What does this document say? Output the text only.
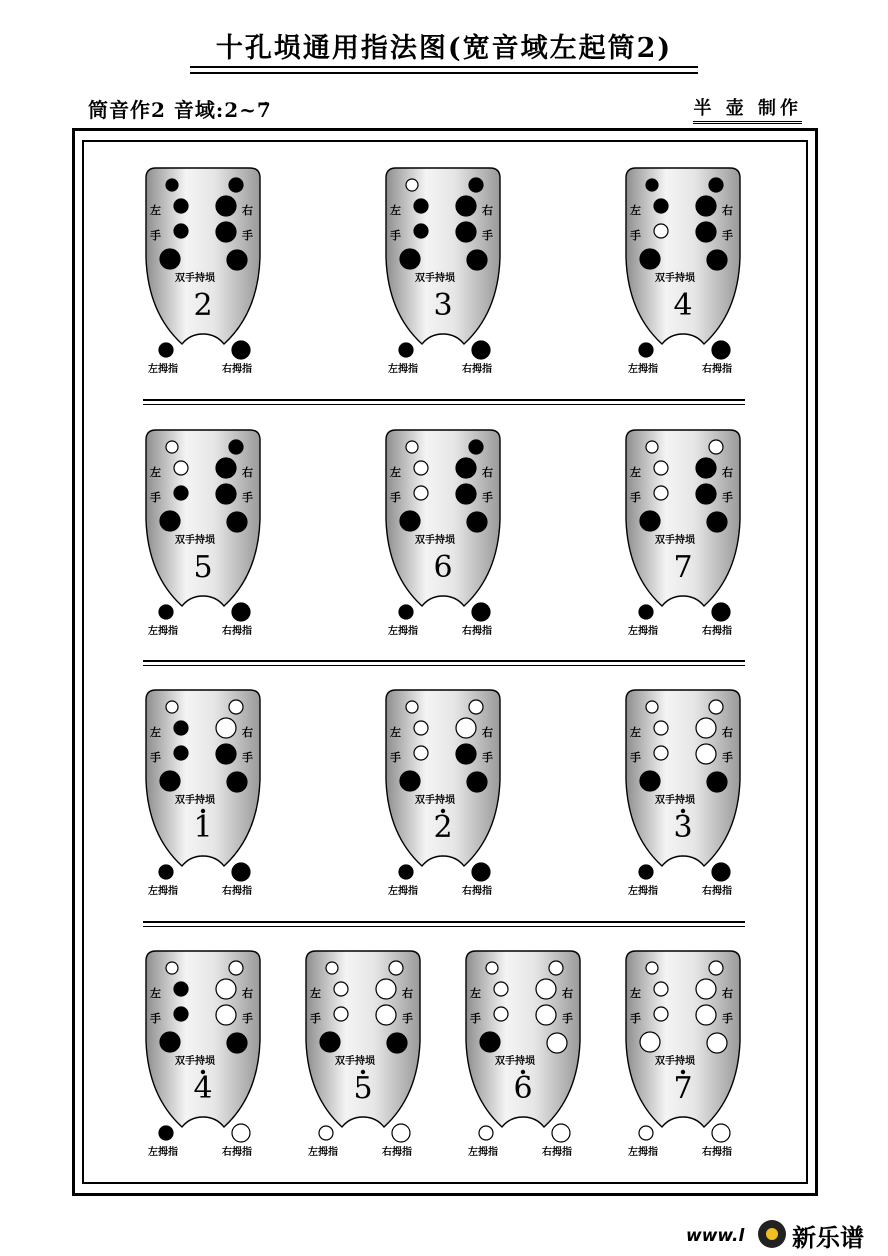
十孔埙通用指法图(宽音域左起筒2)
筒音作2 音域:2~7̇	半 壶 制作
左
手
右
手
双手持埙
2
左拇指	右拇指
左
手
右
手
双手持埙
3
左拇指	右拇指
左
手
右
手
双手持埙
4
左拇指	右拇指
左
手
右
手
双手持埙
5
左拇指	右拇指
左
手
右
手
双手持埙
6
左拇指	右拇指
左
手
右
手
双手持埙
7
左拇指	右拇指
左
手
右
手
双手持埙
1
左拇指	右拇指
左
手
右
手
双手持埙
2
左拇指	右拇指
左
手
右
手
双手持埙
3
左拇指	右拇指
左
手
右
手
双手持埙
4
左拇指	右拇指
左
手
右
手
双手持埙
5
左拇指	右拇指
左
手
右
手
双手持埙
6
左拇指	右拇指
左
手
右
手
双手持埙
7
左拇指	右拇指
www.l 新乐谱
